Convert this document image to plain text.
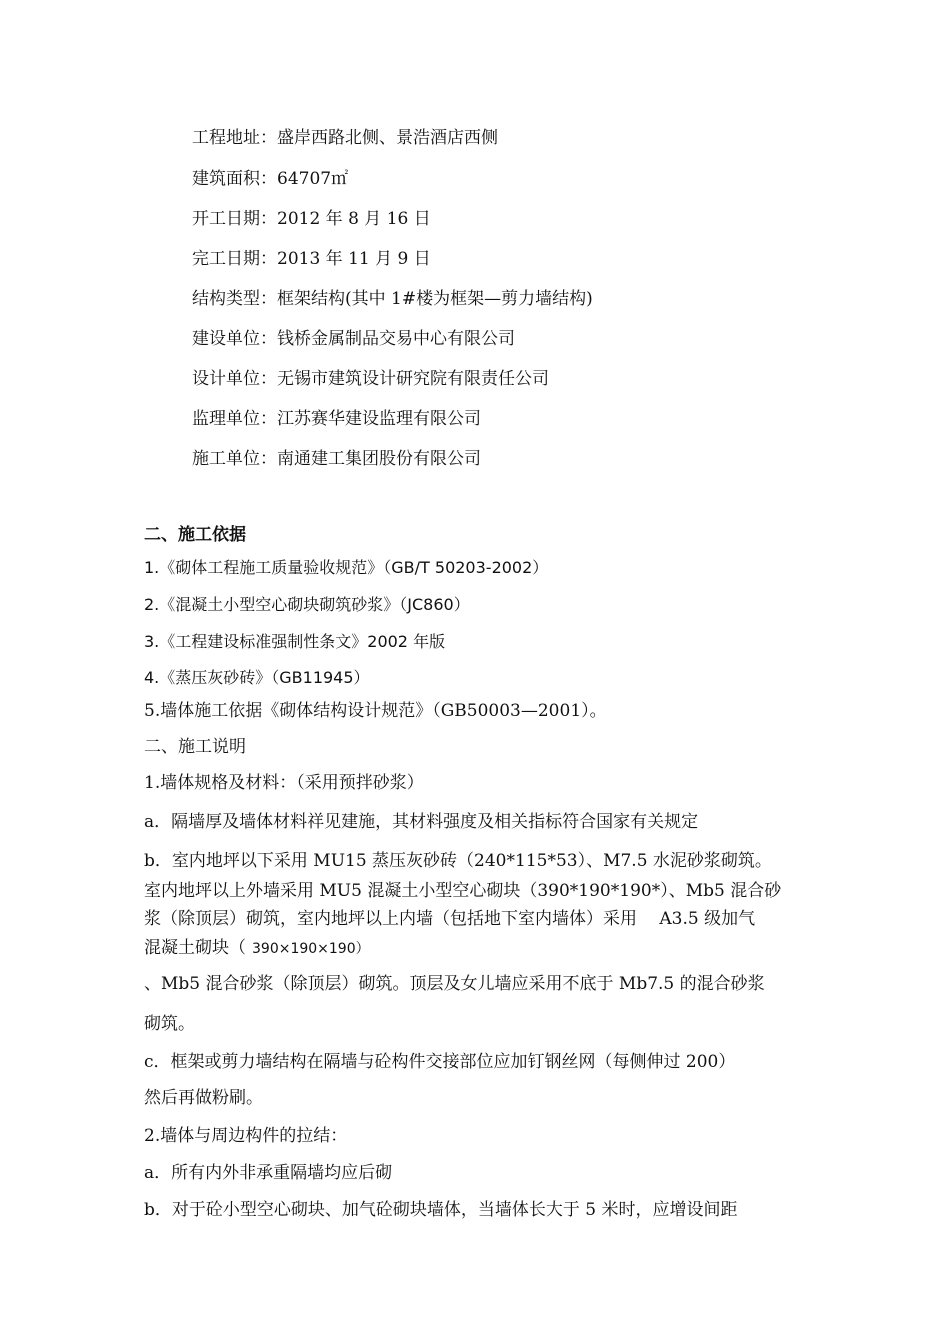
工程地址：盛岸西路北侧、景浩酒店西侧
建筑面积：64707㎡
开工日期：2012 年 8 月 16 日
完工日期：2013 年 11 月 9 日
结构类型：框架结构(其中 1#楼为框架—剪力墙结构)
建设单位：钱桥金属制品交易中心有限公司
设计单位：无锡市建筑设计研究院有限责任公司
监理单位：江苏赛华建设监理有限公司
施工单位：南通建工集团股份有限公司
二、施工依据
1.《砌体工程施工质量验收规范》（GB/T 50203-2002）
2.《混凝土小型空心砌块砌筑砂浆》（JC860）
3.《工程建设标准强制性条文》2002 年版
4.《蒸压灰砂砖》（GB11945）
5.墙体施工依据《砌体结构设计规范》（GB50003—2001）。
二、施工说明
1.墙体规格及材料：（采用预拌砂浆）
a．隔墙厚及墙体材料祥见建施，其材料强度及相关指标符合国家有关规定
b．室内地坪以下采用 MU15 蒸压灰砂砖（240*115*53）、M7.5 水泥砂浆砌筑。
室内地坪以上外墙采用 MU5 混凝土小型空心砌块（390*190*190*）、Mb5 混合砂
浆（除顶层）砌筑，室内地坪以上内墙（包括地下室内墙体）采用　 A3.5 级加气
混凝土砌块（ 390×190×190）
、Mb5 混合砂浆（除顶层）砌筑。顶层及女儿墙应采用不底于 Mb7.5 的混合砂浆
砌筑。
c．框架或剪力墙结构在隔墙与砼构件交接部位应加钉钢丝网（每侧伸过 200）
然后再做粉刷。
2.墙体与周边构件的拉结：
a．所有内外非承重隔墙均应后砌
b．对于砼小型空心砌块、加气砼砌块墙体，当墙体长大于 5 米时，应增设间距
